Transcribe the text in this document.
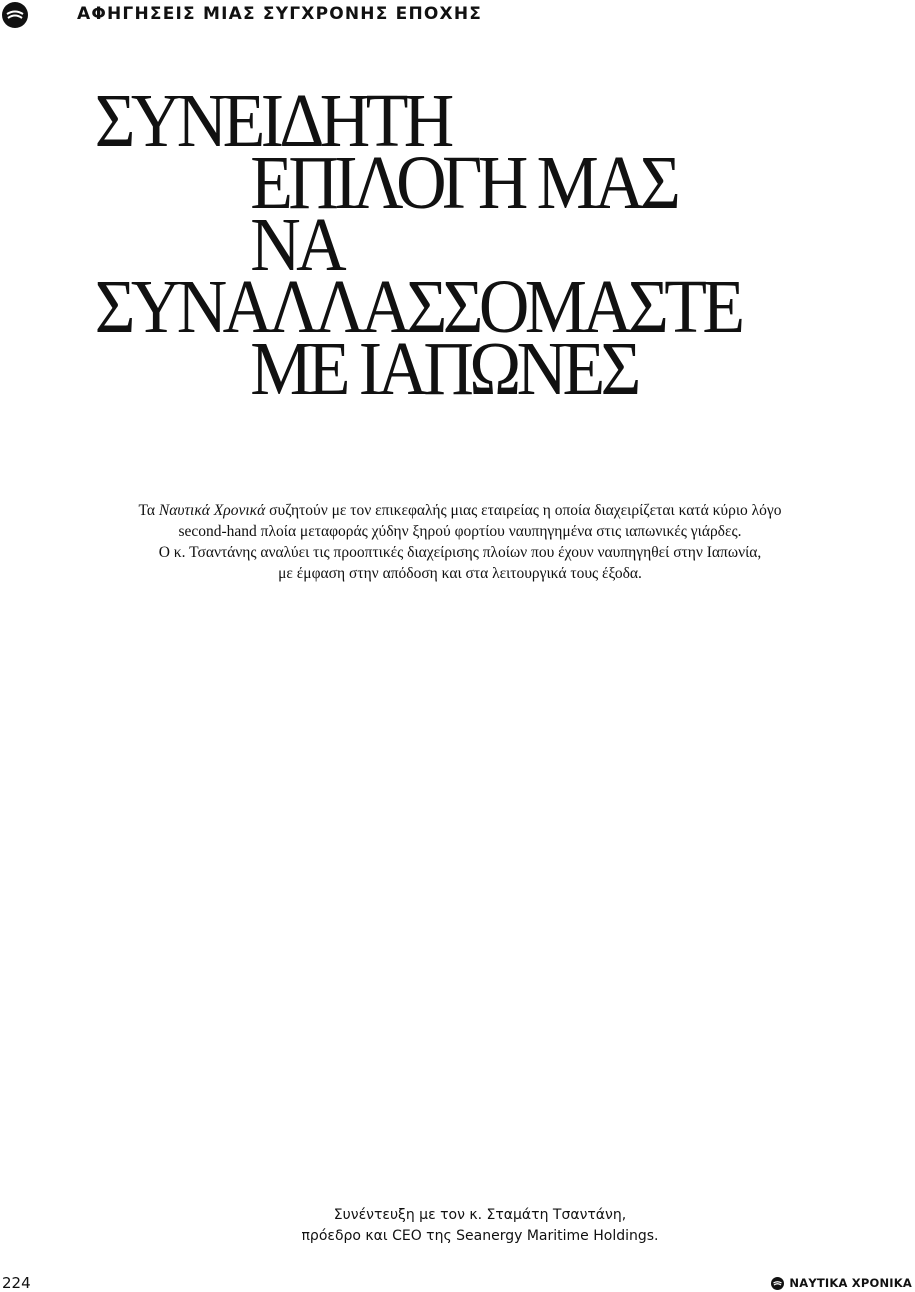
ΑΦΗΓΗΣΕΙΣ ΜΙΑΣ ΣΥΓΧΡΟΝΗΣ ΕΠΟΧΗΣ
ΣΥΝΕΙΔΗΤΗ
ΕΠΙΛΟΓΗ ΜΑΣ
ΝΑ
ΣΥΝΑΛΛΑΣΣΟΜΑΣΤΕ
ΜΕ ΙΑΠΩΝΕΣ

Τα Ναυτικά Χρονικά συζητούν με τον επικεφαλής μιας εταιρείας η οποία διαχειρίζεται κατά κύριο λόγο
second-hand πλοία μεταφοράς χύδην ξηρού φορτίου ναυπηγημένα στις ιαπωνικές γιάρδες.
Ο κ. Τσαντάνης αναλύει τις προοπτικές διαχείρισης πλοίων που έχουν ναυπηγηθεί στην Ιαπωνία,
με έμφαση στην απόδοση και στα λειτουργικά τους έξοδα.

Συνέντευξη με τον κ. Σταμάτη Τσαντάνη,
πρόεδρο και CEO της Seanergy Maritime Holdings.

224	ΝΑΥΤΙΚΑ ΧΡΟΝΙΚΑ
